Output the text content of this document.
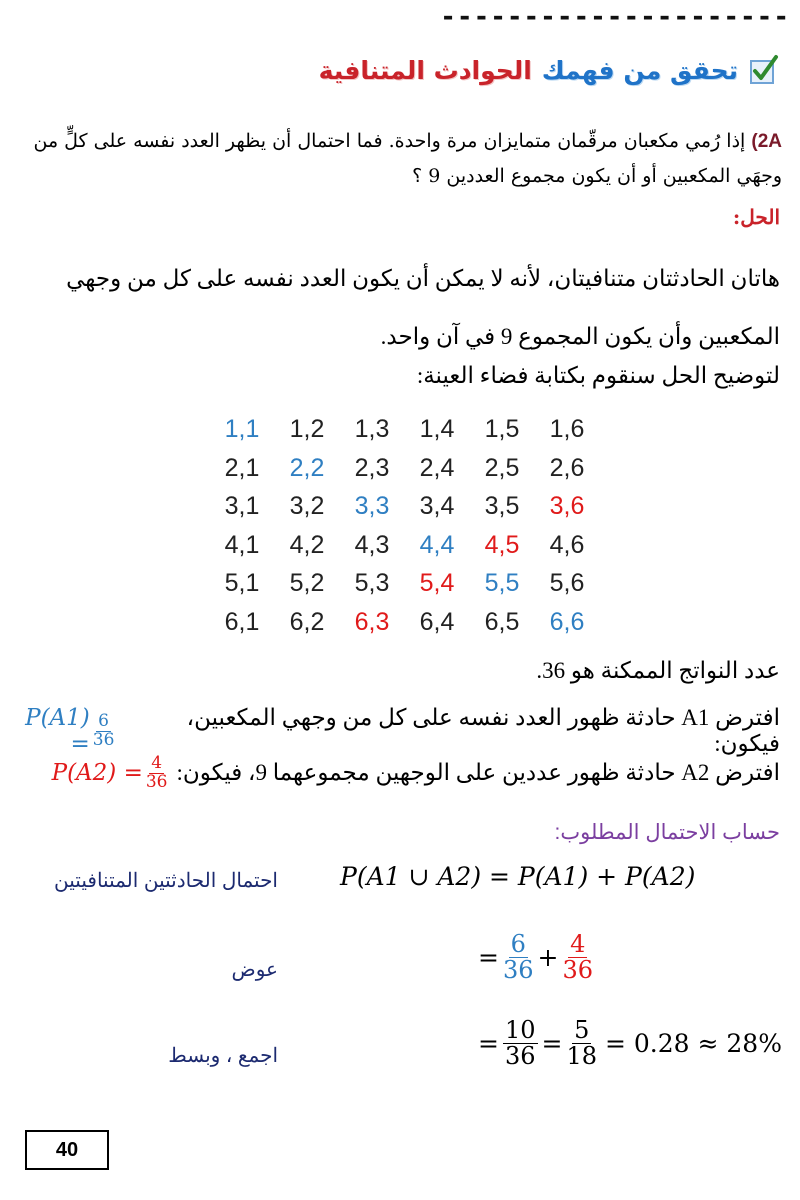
---------------------
الحوادث المتنافية تحقق من فهمك
2A) إذا رُمي مكعبان مرقّمان متمايزان مرة واحدة. فما احتمال أن يظهر العدد نفسه على كلٍّ من وجهَي المكعبين أو أن يكون مجموع العددين 9 ؟
الحل:
هاتان الحادثتان متنافيتان، لأنه لا يمكن أن يكون العدد نفسه على كل من وجهي المكعبين وأن يكون المجموع 9 في آن واحد.
لتوضيح الحل سنقوم بكتابة فضاء العينة:
1,1	1,2	1,3	1,4	1,5	1,6
2,1	2,2	2,3	2,4	2,5	2,6
3,1	3,2	3,3	3,4	3,5	3,6
4,1	4,2	4,3	4,4	4,5	4,6
5,1	5,2	5,3	5,4	5,5	5,6
6,1	6,2	6,3	6,4	6,5	6,6
عدد النواتج الممكنة هو 36.
افترض A1 حادثة ظهور العدد نفسه على كل من وجهي المكعبين، فيكون:
$P(A1) = \frac{6}{36}$
افترض A2 حادثة ظهور عددين على الوجهين مجموعهما 9، فيكون:
$P(A2) = \frac{4}{36}$
حساب الاحتمال المطلوب:
احتمال الحادثتين المتنافيتين P(A1 ∪ A2) = P(A1) + P(A2)
عوض	= $\frac{6}{36} + \frac{4}{36}$
اجمع ، وبسط	= $\frac{10}{36} = \frac{5}{18} = 0.28 \approx 28\%$
40
